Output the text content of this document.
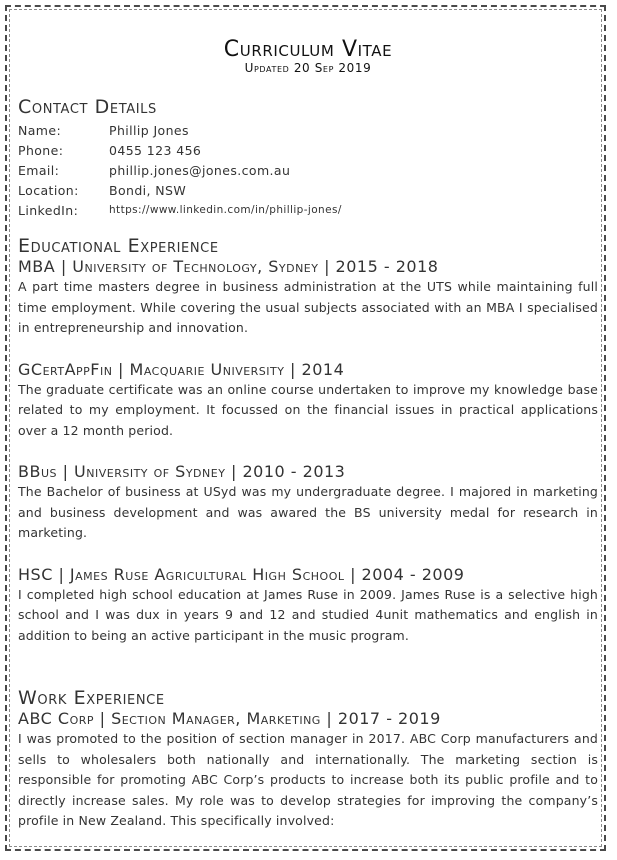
Curriculum Vitae
Updated 20 Sep 2019
Contact Details
Name:	Phillip Jones
Phone:	0455 123 456
Email:	phillip.jones@jones.com.au
Location:	Bondi, NSW
LinkedIn:	https://www.linkedin.com/in/phillip-jones/
Educational Experience
MBA | University of Technology, Sydney | 2015 - 2018

A part time masters degree in business administration at the UTS while maintaining full time employment. While covering the usual subjects associated with an MBA I specialised in entrepreneurship and innovation.

GCertAppFin | Macquarie University | 2014

The graduate certificate was an online course undertaken to improve my knowledge base related to my employment. It focussed on the financial issues in practical applications over a 12 month period.

BBus | University of Sydney | 2010 - 2013

The Bachelor of business at USyd was my undergraduate degree. I majored in marketing and business development and was awared the BS university medal for research in marketing.

HSC | James Ruse Agricultural High School | 2004 - 2009

I completed high school education at James Ruse in 2009. James Ruse is a selective high school and I was dux in years 9 and 12 and studied 4unit mathematics and english in addition to being an active participant in the music program.

Work Experience
ABC Corp | Section Manager, Marketing | 2017 - 2019

I was promoted to the position of section manager in 2017. ABC Corp manufacturers and sells to wholesalers both nationally and internationally. The marketing section is responsible for promoting ABC Corp’s products to increase both its public profile and to directly increase sales. My role was to develop strategies for improving the company’s profile in New Zealand. This specifically involved:
